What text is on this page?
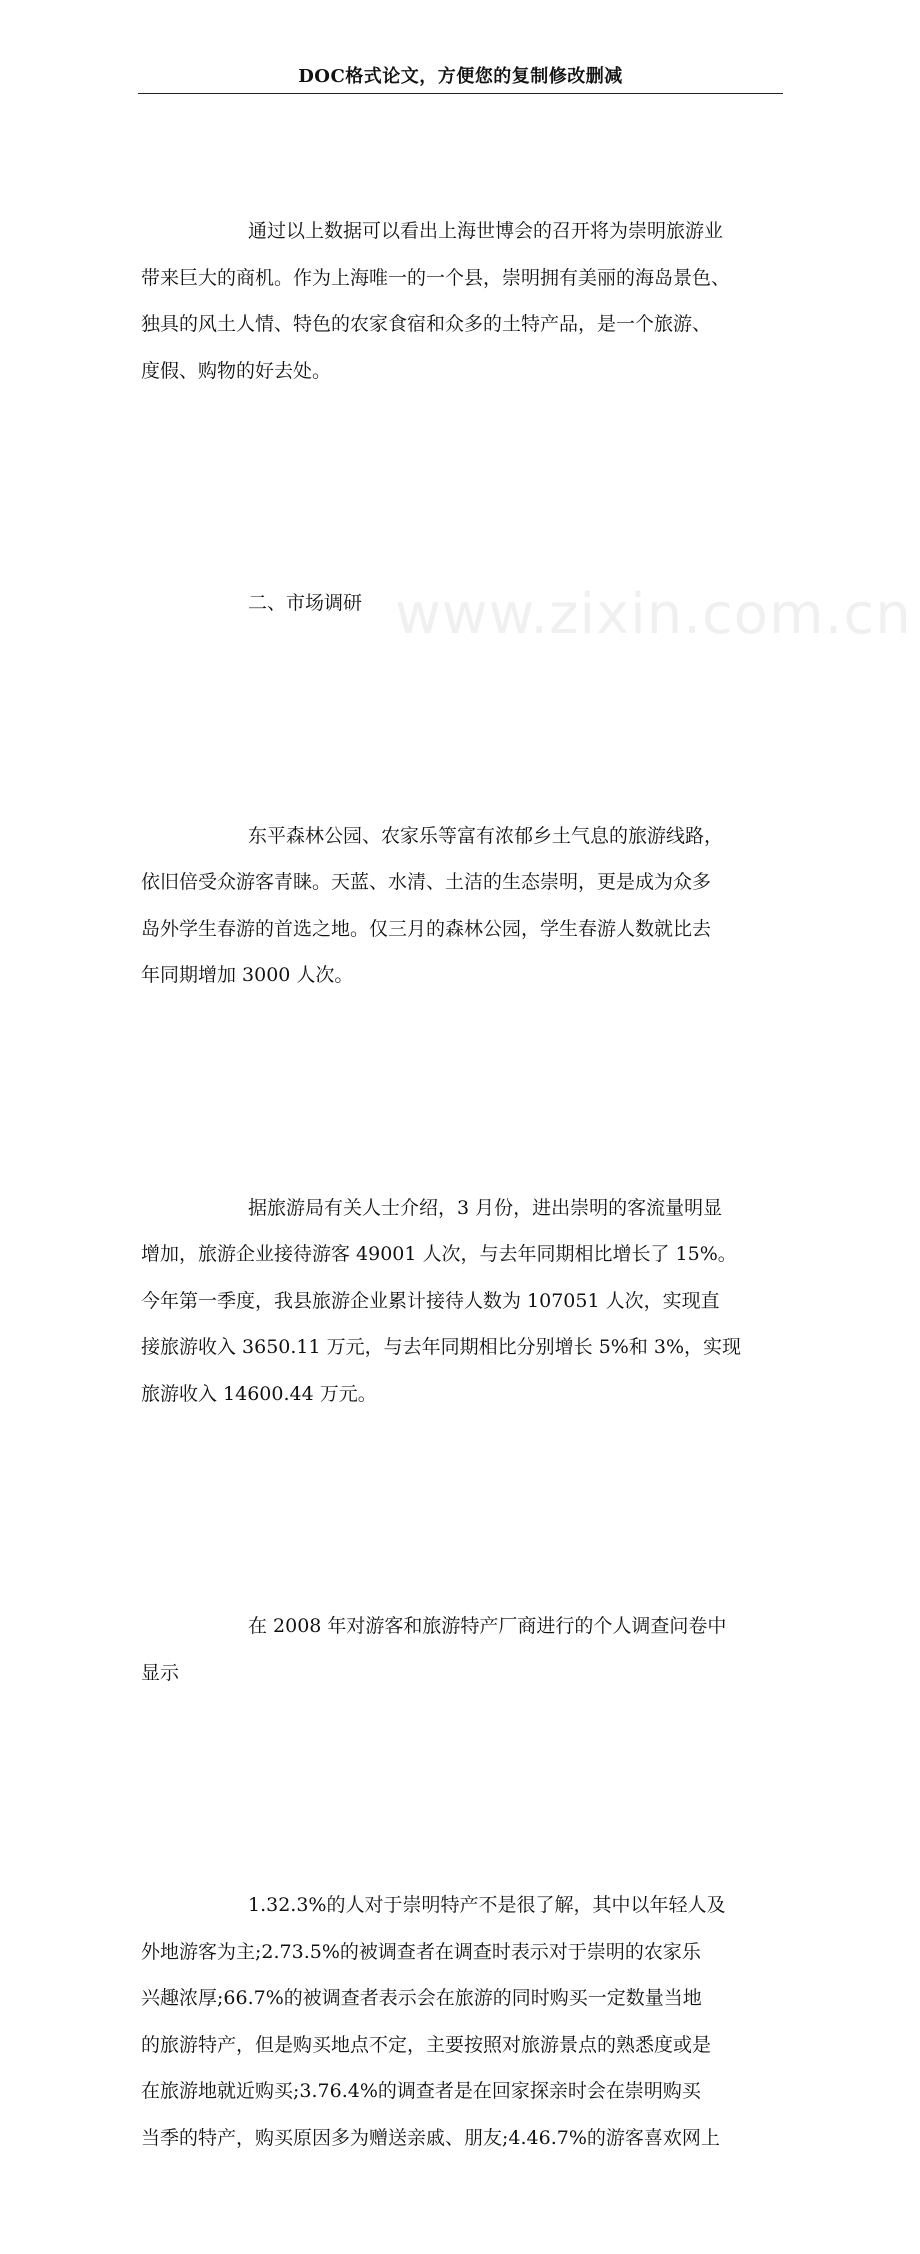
DOC格式论文，方便您的复制修改删减
www.zixin.com.cn

通过以上数据可以看出上海世博会的召开将为崇明旅游业
带来巨大的商机。作为上海唯一的一个县，崇明拥有美丽的海岛景色、
独具的风土人情、特色的农家食宿和众多的土特产品，是一个旅游、
度假、购物的好去处。

二、市场调研

东平森林公园、农家乐等富有浓郁乡土气息的旅游线路，
依旧倍受众游客青睐。天蓝、水清、土洁的生态崇明，更是成为众多
岛外学生春游的首选之地。仅三月的森林公园，学生春游人数就比去
年同期增加 3000 人次。

据旅游局有关人士介绍，3 月份，进出崇明的客流量明显
增加，旅游企业接待游客 49001 人次，与去年同期相比增长了 15%。
今年第一季度，我县旅游企业累计接待人数为 107051 人次，实现直
接旅游收入 3650.11 万元，与去年同期相比分别增长 5%和 3%，实现
旅游收入 14600.44 万元。

在 2008 年对游客和旅游特产厂商进行的个人调查问卷中
显示

1.32.3%的人对于崇明特产不是很了解，其中以年轻人及
外地游客为主;2.73.5%的被调查者在调查时表示对于崇明的农家乐
兴趣浓厚;66.7%的被调查者表示会在旅游的同时购买一定数量当地
的旅游特产，但是购买地点不定，主要按照对旅游景点的熟悉度或是
在旅游地就近购买;3.76.4%的调查者是在回家探亲时会在崇明购买
当季的特产，购买原因多为赠送亲戚、朋友;4.46.7%的游客喜欢网上
